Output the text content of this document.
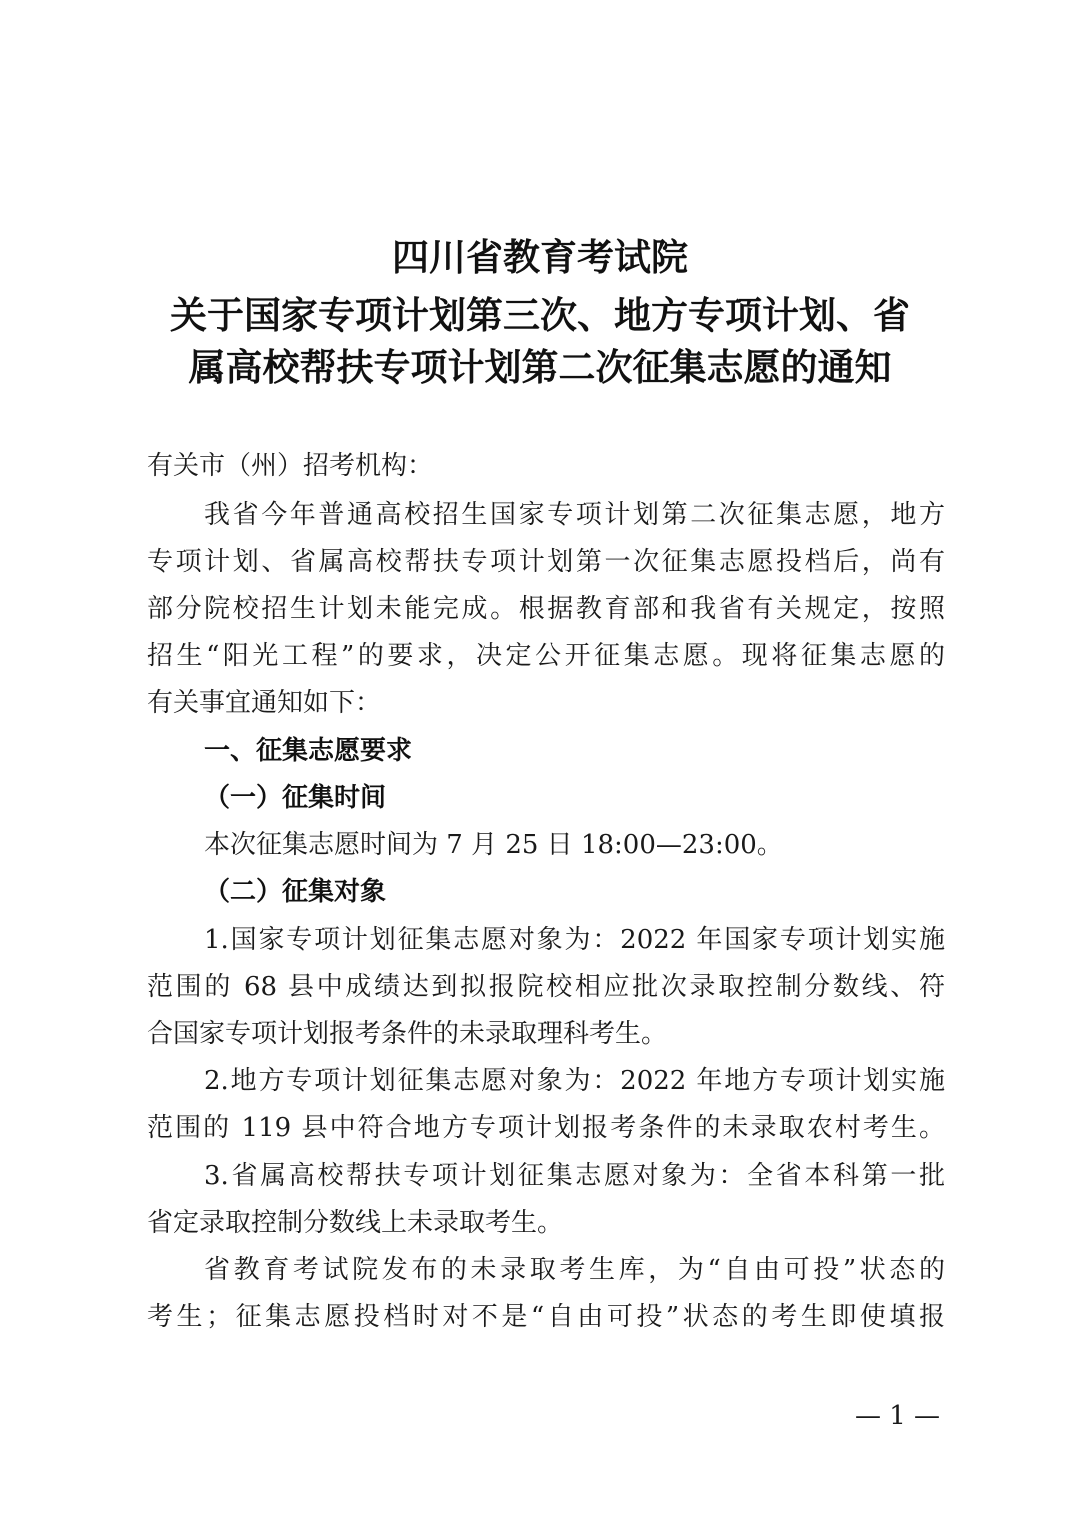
四川省教育考试院
关于国家专项计划第三次、地方专项计划、省
属高校帮扶专项计划第二次征集志愿的通知
有关市（州）招考机构：
我省今年普通高校招生国家专项计划第二次征集志愿，地方
专项计划、省属高校帮扶专项计划第一次征集志愿投档后，尚有
部分院校招生计划未能完成。根据教育部和我省有关规定，按照
招生“阳光工程”的要求，决定公开征集志愿。现将征集志愿的
有关事宜通知如下：
一、征集志愿要求
（一）征集时间
本次征集志愿时间为 7 月 25 日 18:00—23:00。
（二）征集对象
1.国家专项计划征集志愿对象为：2022 年国家专项计划实施
范围的 68 县中成绩达到拟报院校相应批次录取控制分数线、符
合国家专项计划报考条件的未录取理科考生。
2.地方专项计划征集志愿对象为：2022 年地方专项计划实施
范围的 119 县中符合地方专项计划报考条件的未录取农村考生。
3.省属高校帮扶专项计划征集志愿对象为：全省本科第一批
省定录取控制分数线上未录取考生。
省教育考试院发布的未录取考生库，为“自由可投”状态的
考生；征集志愿投档时对不是“自由可投”状态的考生即使填报
— 1 —
